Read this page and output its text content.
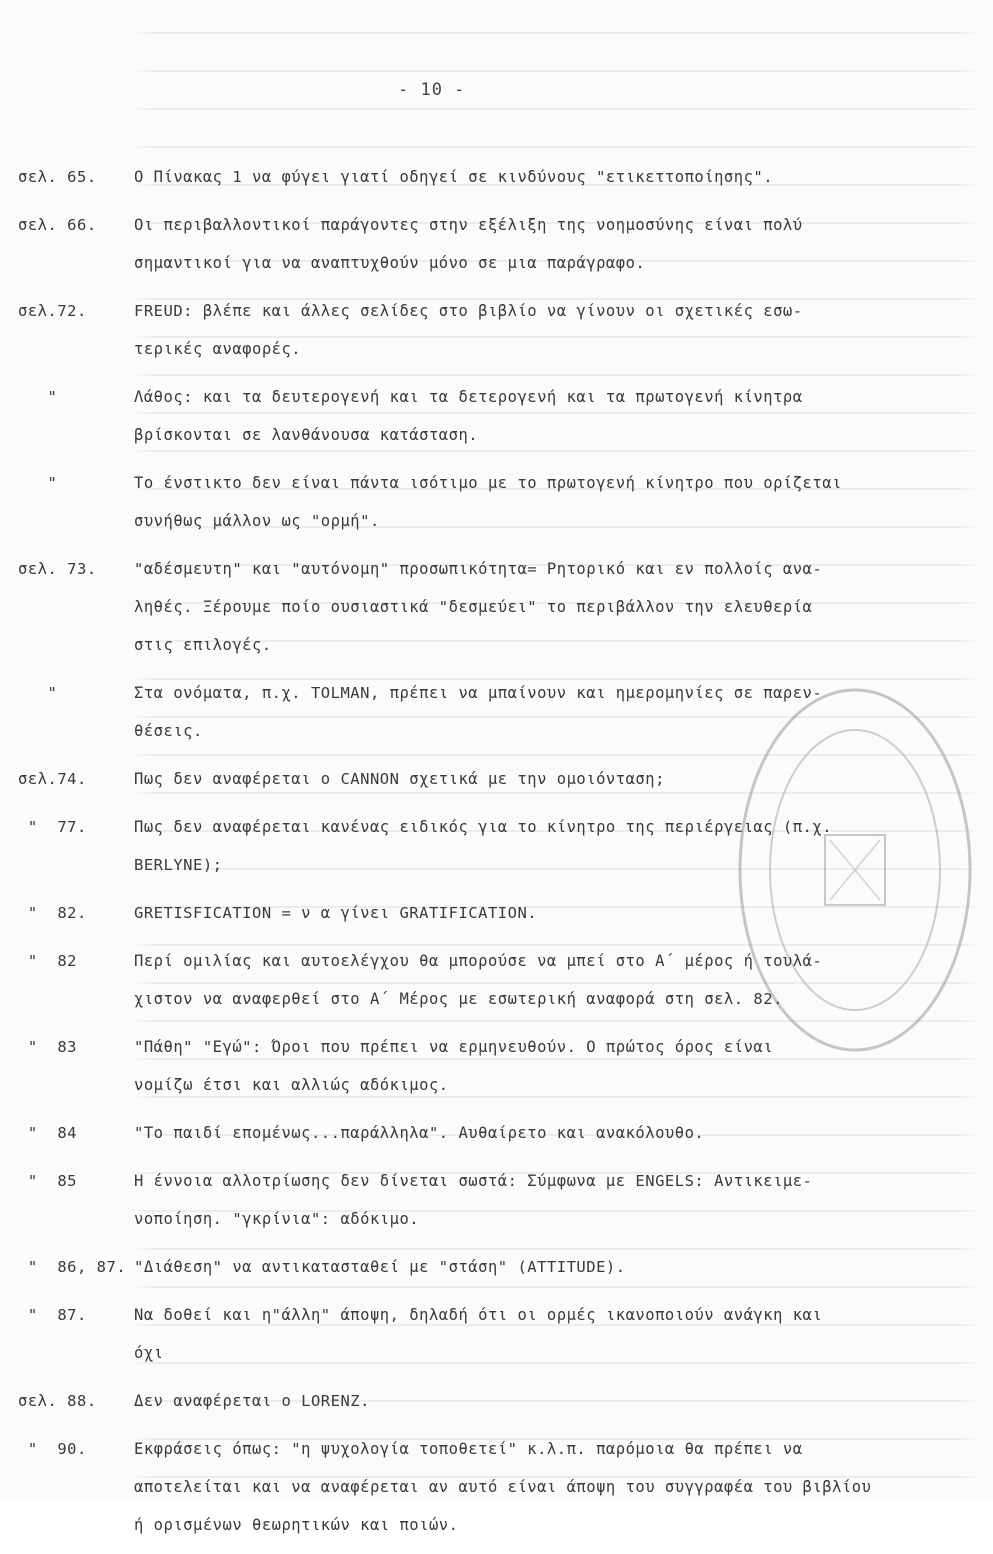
- 10 -
σελ. 65.	Ο Πίνακας 1 να φύγει γιατί οδηγεί σε κινδύνους "ετικεττοποίησης".
σελ. 66.	Οι περιβαλλοντικοί παράγοντες στην εξέλιξη της νοημοσύνης είναι πολύ
σημαντικοί για να αναπτυχθούν μόνο σε μια παράγραφο.
σελ.72.	FREUD: βλέπε και άλλες σελίδες στο βιβλίο να γίνουν οι σχετικές εσω-
τερικές αναφορές.
"	Λάθος: και τα δευτερογενή και τα δετερογενή και τα πρωτογενή κίνητρα
βρίσκονται σε λανθάνουσα κατάσταση.
"	Το ένστικτο δεν είναι πάντα ισότιμο με το πρωτογενή κίνητρο που ορίζεται
συνήθως μάλλον ως "ορμή".
σελ. 73.	"αδέσμευτη" και "αυτόνομη" προσωπικότητα= Ρητορικό και εν πολλοίς ανα-
ληθές. Ξέρουμε ποίο ουσιαστικά "δεσμεύει" το περιβάλλον την ελευθερία
στις επιλογές.
"	Στα ονόματα, π.χ. TOLMAN, πρέπει να μπαίνουν και ημερομηνίες σε παρεν-
θέσεις.
σελ.74.	Πως δεν αναφέρεται ο CANNON σχετικά με την ομοιόνταση;
"  77.	Πως δεν αναφέρεται κανένας ειδικός για το κίνητρο της περιέργειας (π.χ.
BERLYNE);
"  82.	GRETISFICATION = ν α γίνει GRATIFICATION.
"  82	Περί ομιλίας και αυτοελέγχου θα μπορούσε να μπεί στο Α΄ μέρος ή τουλά-
χιστον να αναφερθεί στο Α΄ Μέρος με εσωτερική αναφορά στη σελ. 82.
"  83	"Πάθη" "Εγώ": Όροι που πρέπει να ερμηνευθούν. Ο πρώτος όρος είναι
νομίζω έτσι και αλλιώς αδόκιμος.
"  84	"Το παιδί επομένως...παράλληλα". Αυθαίρετο και ανακόλουθο.
"  85	Η έννοια αλλοτρίωσης δεν δίνεται σωστά: Σύμφωνα με ENGELS: Αντικειμε-
νοποίηση. "γκρίνια": αδόκιμο.
"  86, 87. "Διάθεση" να αντικατασταθεί με "στάση" (ATTITUDE).
"  87.	Να δοθεί και η"άλλη" άποψη, δηλαδή ότι οι ορμές ικανοποιούν ανάγκη και
όχι
σελ. 88.	Δεν αναφέρεται ο LORENZ.
"  90.	Εκφράσεις όπως: "η ψυχολογία τοποθετεί" κ.λ.π. παρόμοια θα πρέπει να
αποτελείται και να αναφέρεται αν αυτό είναι άποψη του συγγραφέα του βιβλίου
ή ορισμένων θεωρητικών και ποιών.
